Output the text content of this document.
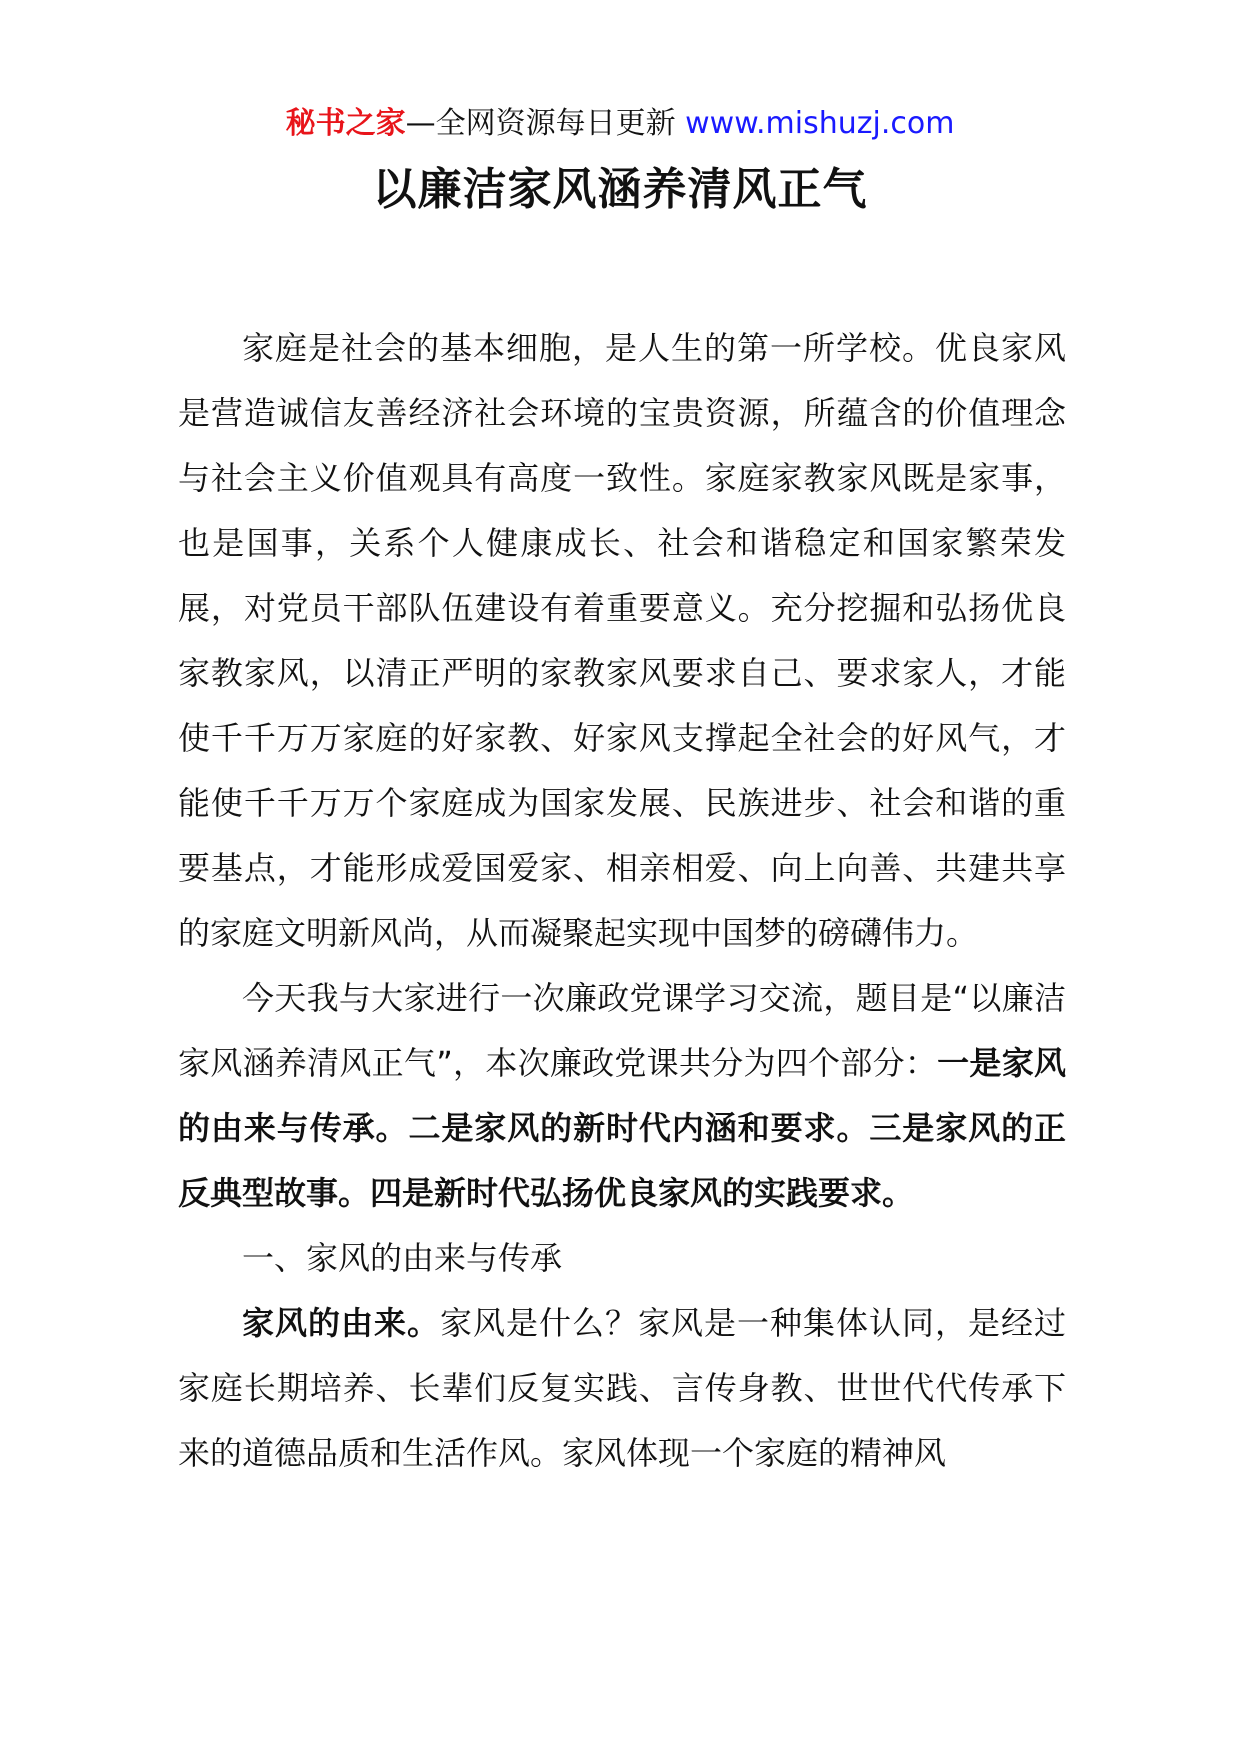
秘书之家—全网资源每日更新 www.mishuzj.com
以廉洁家风涵养清风正气

家庭是社会的基本细胞，是人生的第一所学校。优良家风是营造诚信友善经济社会环境的宝贵资源，所蕴含的价值理念与社会主义价值观具有高度一致性。家庭家教家风既是家事，也是国事，关系个人健康成长、社会和谐稳定和国家繁荣发展，对党员干部队伍建设有着重要意义。充分挖掘和弘扬优良家教家风，以清正严明的家教家风要求自己、要求家人，才能使千千万万家庭的好家教、好家风支撑起全社会的好风气，才能使千千万万个家庭成为国家发展、民族进步、社会和谐的重要基点，才能形成爱国爱家、相亲相爱、向上向善、共建共享的家庭文明新风尚，从而凝聚起实现中国梦的磅礴伟力。

今天我与大家进行一次廉政党课学习交流，题目是“以廉洁家风涵养清风正气”，本次廉政党课共分为四个部分：一是家风的由来与传承。二是家风的新时代内涵和要求。三是家风的正反典型故事。四是新时代弘扬优良家风的实践要求。

一、家风的由来与传承

家风的由来。家风是什么？家风是一种集体认同，是经过家庭长期培养、长辈们反复实践、言传身教、世世代代传承下来的道德品质和生活作风。家风体现一个家庭的精神风
